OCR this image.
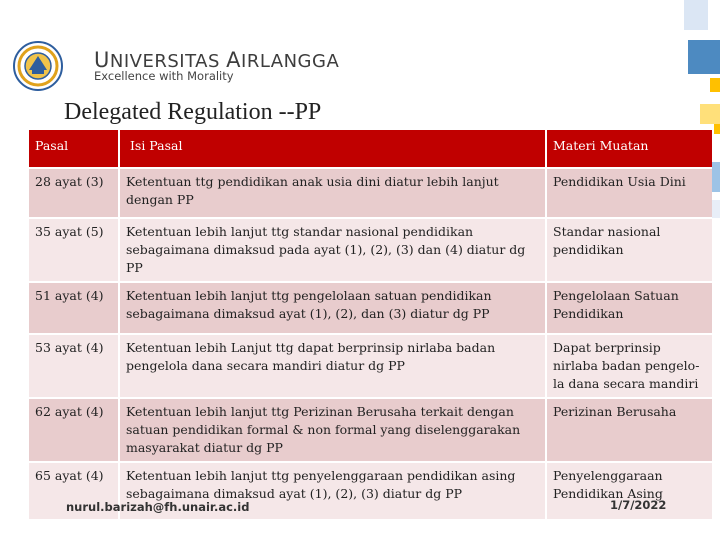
UNIVERSITAS AIRLANGGA
Excellence with Morality
Delegated Regulation --PP
Pasal	Isi Pasal	Materi Muatan
28 ayat (3)	Ketentuan ttg pendidikan anak usia dini diatur lebih lanjut dengan PP	Pendidikan Usia Dini
35 ayat (5)	Ketentuan lebih lanjut ttg standar nasional pendidikan sebagaimana dimaksud pada ayat (1), (2), (3) dan (4) diatur dg PP	Standar nasional pendidikan
51 ayat (4)	Ketentuan lebih lanjut ttg pengelolaan satuan pendidikan sebagaimana dimaksud ayat (1), (2), dan (3) diatur dg PP	Pengelolaan Satuan Pendidikan
53 ayat (4)	Ketentuan lebih Lanjut ttg dapat berprinsip nirlaba badan pengelola dana secara mandiri diatur dg PP	Dapat berprinsip nirlaba badan pengelo-la dana secara mandiri
62 ayat (4)	Ketentuan lebih lanjut ttg Perizinan Berusaha terkait dengan satuan pendidikan formal & non formal yang diselenggarakan masyarakat diatur dg PP	Perizinan Berusaha
65 ayat (4)	Ketentuan lebih lanjut ttg penyelenggaraan pendidikan asing sebagaimana dimaksud ayat (1), (2), (3) diatur dg PP	Penyelenggaraan Pendidikan Asing
nurul.barizah@fh.unair.ac.id	1/7/2022
